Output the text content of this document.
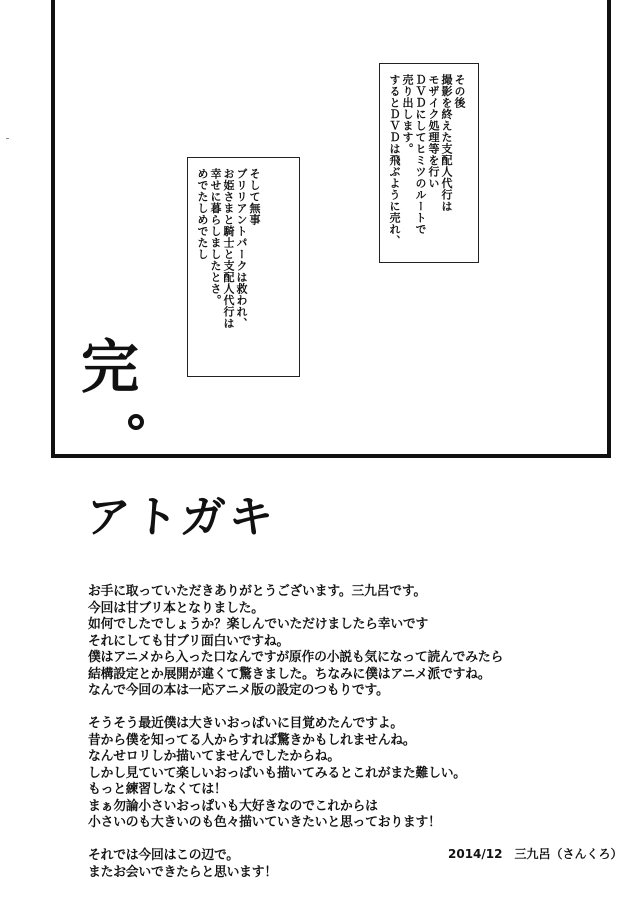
その後
撮影を終えた支配人代行は
モザイク処理等を行い
ＤＶＤにしてヒミツのルートで
売り出します。
するとＤＶＤは飛ぶように売れ、
そして無事
ブリリアントパークは救われ、
お姫さまと騎士と支配人代行は
幸せに暮らしましたとさ。
めでたしめでたし
完
アトガキ
お手に取っていただきありがとうございます。三九呂です。
今回は甘ブリ本となりました。
如何でしたでしょうか？楽しんでいただけましたら幸いです
それにしても甘ブリ面白いですね。
僕はアニメから入った口なんですが原作の小説も気になって読んでみたら
結構設定とか展開が違くて驚きました。ちなみに僕はアニメ派ですね。
なんで今回の本は一応アニメ版の設定のつもりです。
そうそう最近僕は大きいおっぱいに目覚めたんですよ。
昔から僕を知ってる人からすれば驚きかもしれませんね。
なんせロリしか描いてませんでしたからね。
しかし見ていて楽しいおっぱいも描いてみるとこれがまた難しい。
もっと練習しなくては！
まぁ勿論小さいおっぱいも大好きなのでこれからは
小さいのも大きいのも色々描いていきたいと思っております！
それでは今回はこの辺で。
またお会いできたらと思います！
2014/12　三九呂（さんくろ）
